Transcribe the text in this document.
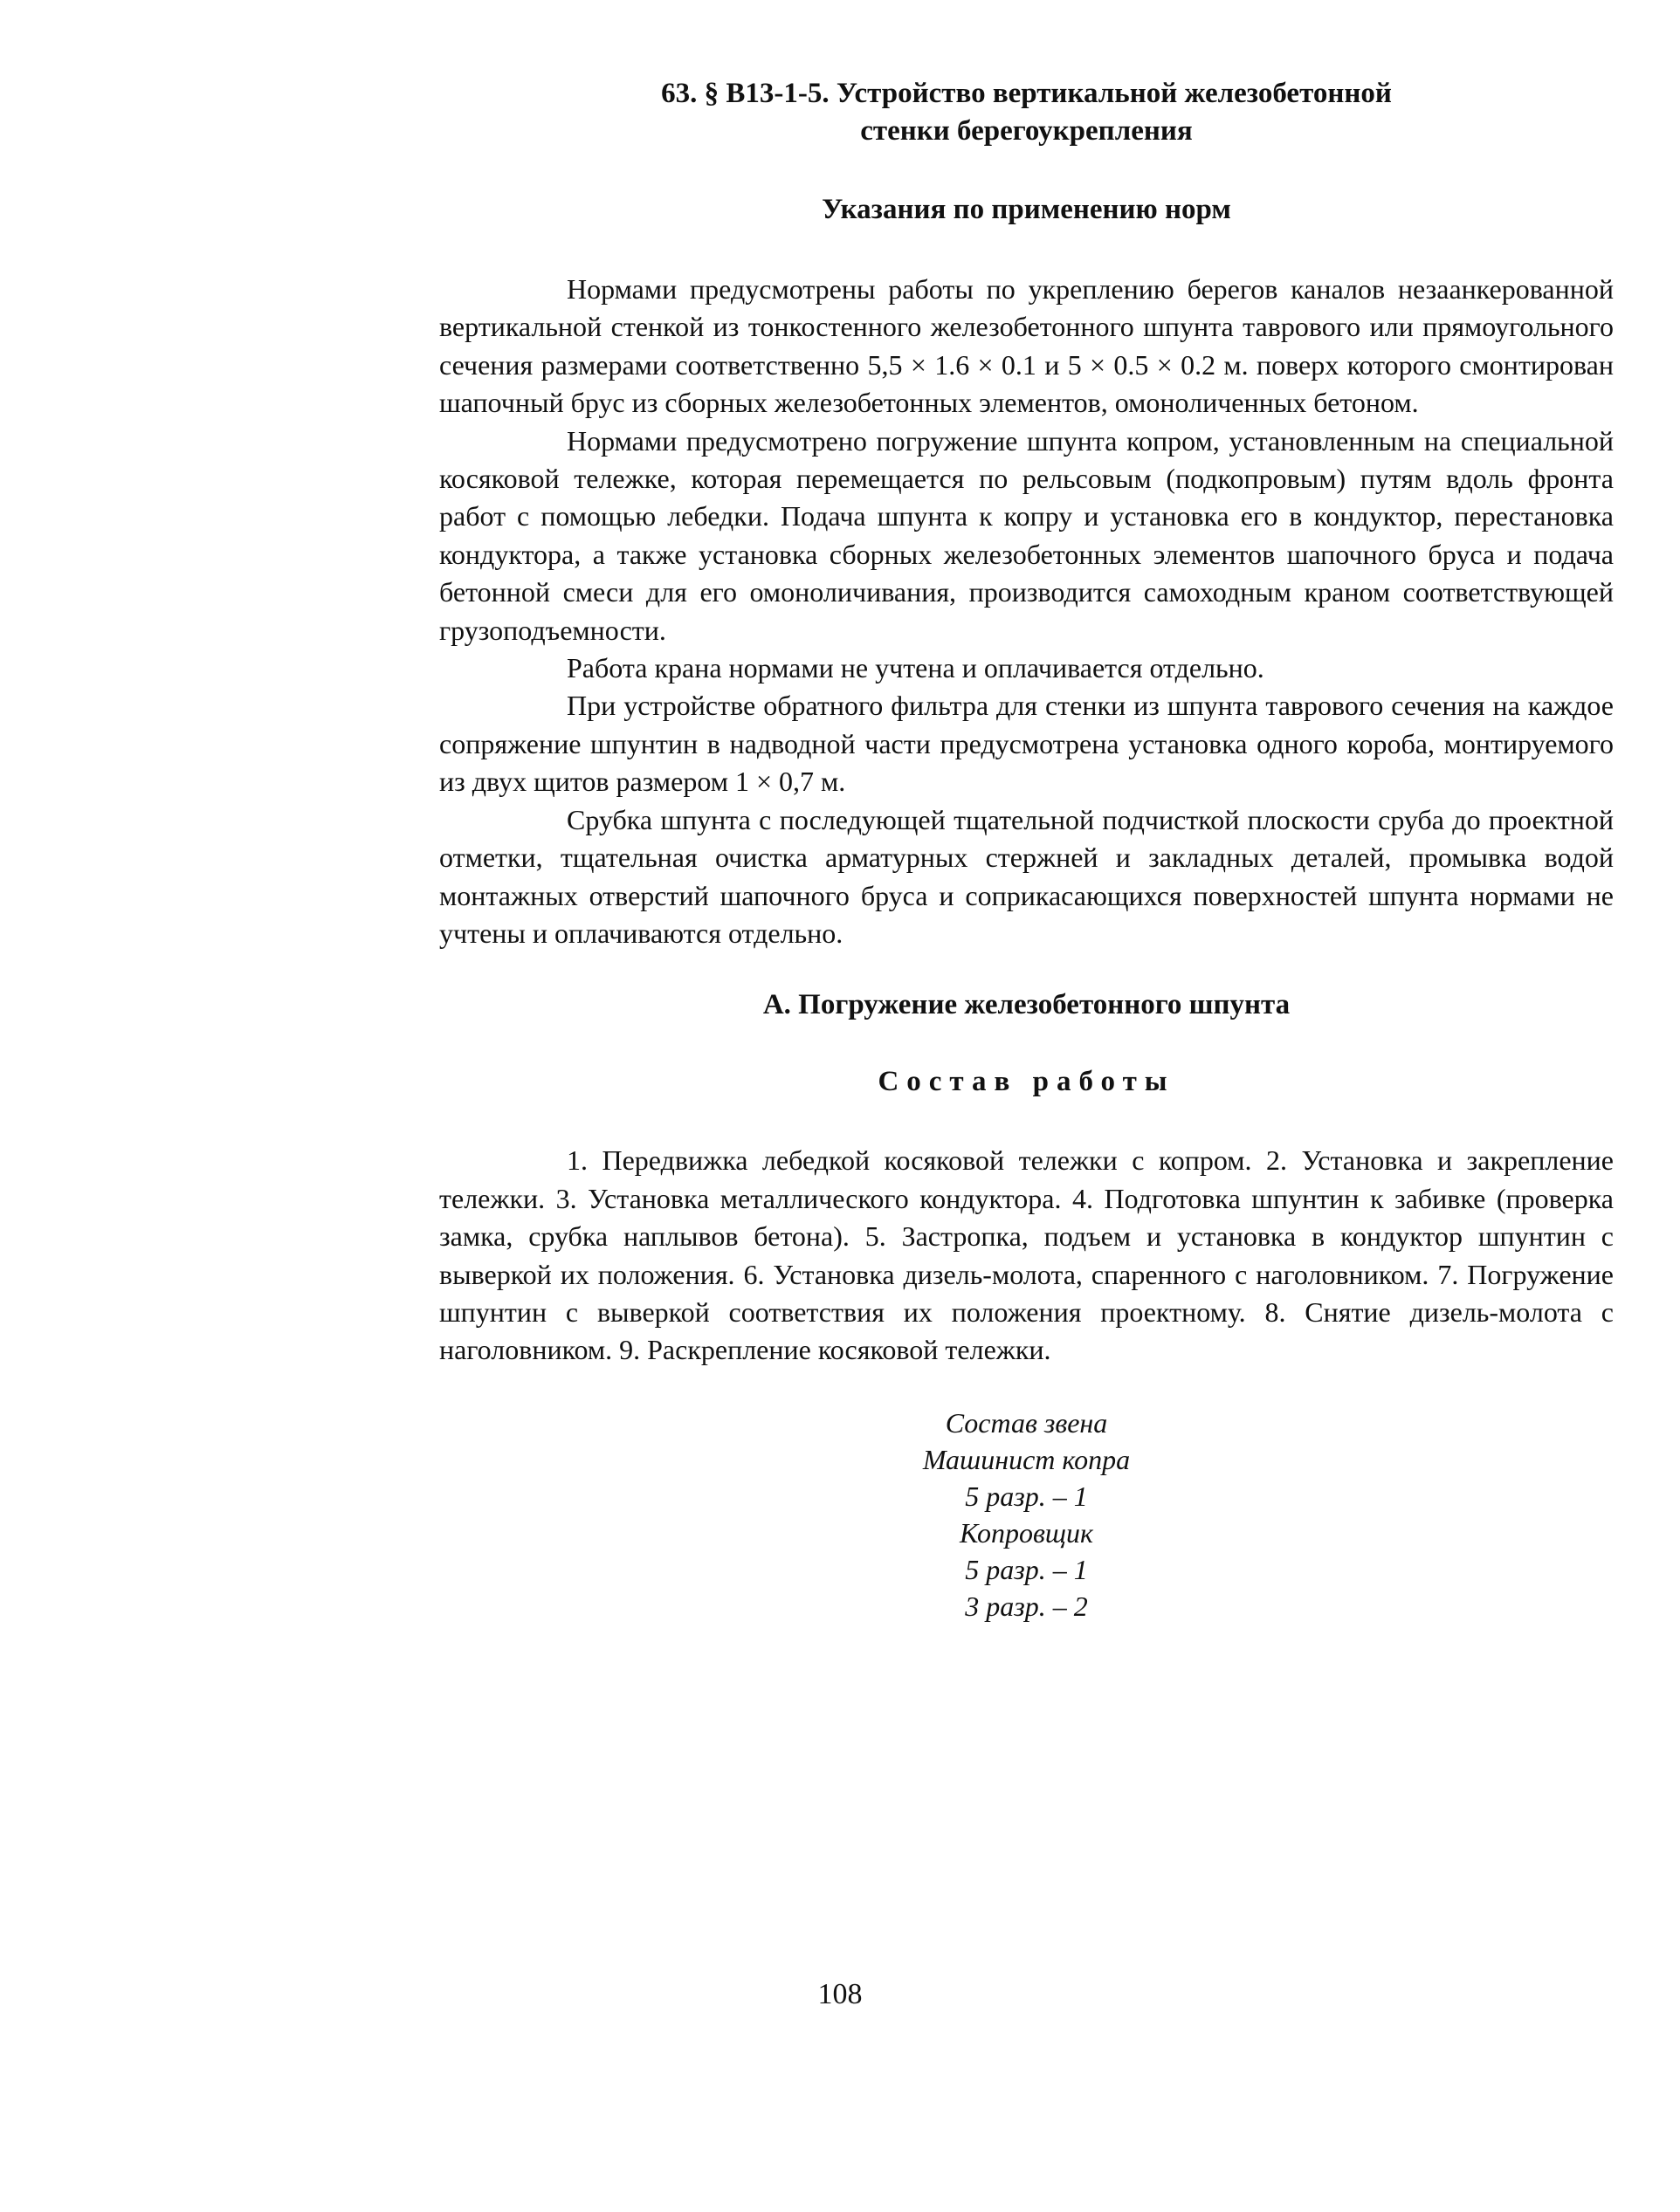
63. § В13-1-5. Устройство вертикальной железобетонной

стенки берегоукрепления

Указания по применению норм

Нормами предусмотрены работы по укреплению берегов каналов незаанкерованной вертикальной стенкой из тонкостенного железобетонного шпунта таврового или прямоугольного сечения размерами соответственно 5,5 × 1.6 × 0.1 и 5 × 0.5 × 0.2 м. поверх которого смонтирован шапочный брус из сборных железобетонных элементов, омоноличенных бетоном.

Нормами предусмотрено погружение шпунта копром, установленным на специальной косяковой тележке, которая перемещается по рельсовым (подкопровым) путям вдоль фронта работ с помощью лебедки. Подача шпунта к копру и установка его в кондуктор, перестановка кондуктора, а также установка сборных железобетонных элементов шапочного бруса и подача бетонной смеси для его омоноличивания, производится самоходным краном соответствующей грузоподъемности.

Работа крана нормами не учтена и оплачивается отдельно.

При устройстве обратного фильтра для стенки из шпунта таврового сечения на каждое сопряжение шпунтин в надводной части предусмотрена установка одного короба, монтируемого из двух щитов размером 1 × 0,7 м.

Срубка шпунта с последующей тщательной подчисткой плоскости сруба до проектной отметки, тщательная очистка арматурных стержней и закладных деталей, промывка водой монтажных отверстий шапочного бруса и соприкасающихся поверхностей шпунта нормами не учтены и оплачиваются отдельно.

А. Погружение железобетонного шпунта

Состав работы

1. Передвижка лебедкой косяковой тележки с копром. 2. Установка и закрепление тележки. 3. Установка металлического кондуктора. 4. Подготовка шпунтин к забивке (проверка замка, срубка наплывов бетона). 5. Застропка, подъем и установка в кондуктор шпунтин с выверкой их положения. 6. Установка дизель-молота, спаренного с наголовником. 7. Погружение шпунтин с выверкой соответствия их положения проектному. 8. Снятие дизель-молота с наголовником. 9. Раскрепление косяковой тележки.

Состав звена
Машинист копра
5 разр. – 1
Копровщик
5 разр. – 1
3 разр. – 2
108
